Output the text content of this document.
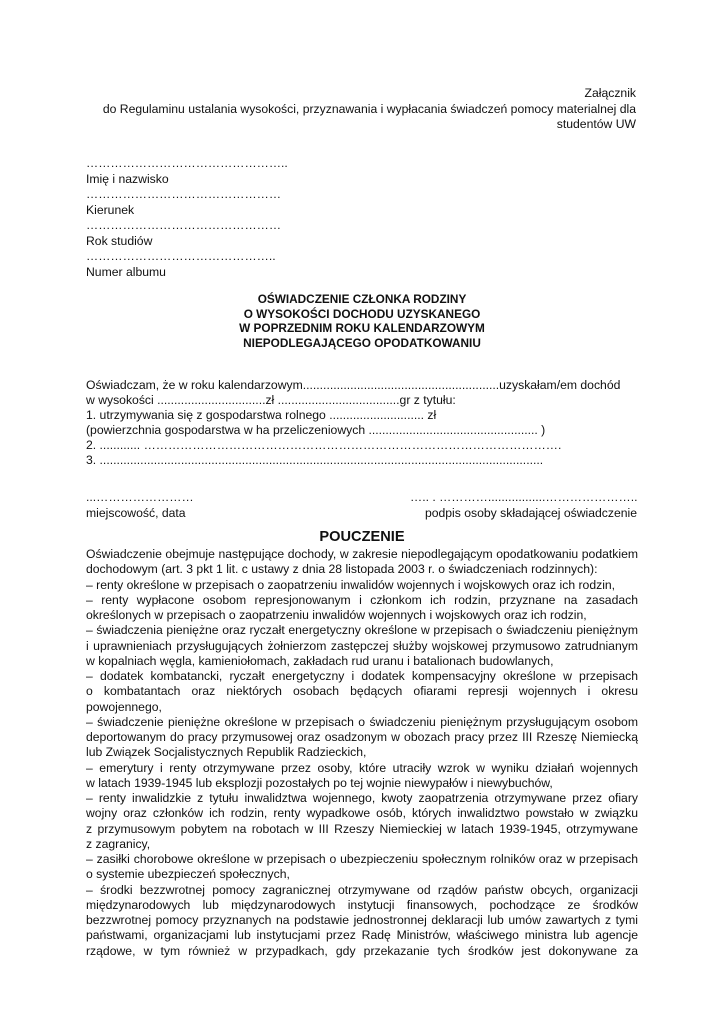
Załącznik
do Regulaminu ustalania wysokości, przyznawania i wypłacania świadczeń pomocy materialnej dla
studentów UW
…………………………………………..
Imię i nazwisko
…………………………………………
Kierunek
…………………………………………
Rok studiów
………………………………………..
Numer albumu
OŚWIADCZENIE CZŁONKA RODZINY
O WYSOKOŚCI DOCHODU UZYSKANEGO
W POPRZEDNIM ROKU KALENDARZOWYM
NIEPODLEGAJĄCEGO OPODATKOWANIU
Oświadczam, że w roku kalendarzowym..........................................................uzyskałam/em dochód
w wysokości ................................zł ....................................gr z tytułu:
1. utrzymywania się z gospodarstwa rolnego ............................ zł
(powierzchnia gospodarstwa w ha przeliczeniowych .................................................. )
2. ............ ………………………………………………………………………………………….
3. ...................................................................................................................................
...……………………
miejscowość, data
….. . ………….................…………………..
podpis osoby składającej oświadczenie
POUCZENIE
Oświadczenie obejmuje następujące dochody, w zakresie niepodlegającym opodatkowaniu podatkiem
dochodowym (art. 3 pkt 1 lit. c ustawy z dnia 28 listopada 2003 r. o świadczeniach rodzinnych):
– renty określone w przepisach o zaopatrzeniu inwalidów wojennych i wojskowych oraz ich rodzin,
– renty wypłacone osobom represjonowanym i członkom ich rodzin, przyznane na zasadach
określonych w przepisach o zaopatrzeniu inwalidów wojennych i wojskowych oraz ich rodzin,
– świadczenia pieniężne oraz ryczałt energetyczny określone w przepisach o świadczeniu pieniężnym
i uprawnieniach przysługujących żołnierzom zastępczej służby wojskowej przymusowo zatrudnianym
w kopalniach węgla, kamieniołomach, zakładach rud uranu i batalionach budowlanych,
– dodatek kombatancki, ryczałt energetyczny i dodatek kompensacyjny określone w przepisach
o kombatantach oraz niektórych osobach będących ofiarami represji wojennych i okresu
powojennego,
– świadczenie pieniężne określone w przepisach o świadczeniu pieniężnym przysługującym osobom
deportowanym do pracy przymusowej oraz osadzonym w obozach pracy przez III Rzeszę Niemiecką
lub Związek Socjalistycznych Republik Radzieckich,
– emerytury i renty otrzymywane przez osoby, które utraciły wzrok w wyniku działań wojennych
w latach 1939-1945 lub eksplozji pozostałych po tej wojnie niewypałów i niewybuchów,
– renty inwalidzkie z tytułu inwalidztwa wojennego, kwoty zaopatrzenia otrzymywane przez ofiary
wojny oraz członków ich rodzin, renty wypadkowe osób, których inwalidztwo powstało w związku
z przymusowym pobytem na robotach w III Rzeszy Niemieckiej w latach 1939-1945, otrzymywane
z zagranicy,
– zasiłki chorobowe określone w przepisach o ubezpieczeniu społecznym rolników oraz w przepisach
o systemie ubezpieczeń społecznych,
– środki bezzwrotnej pomocy zagranicznej otrzymywane od rządów państw obcych, organizacji
międzynarodowych lub międzynarodowych instytucji finansowych, pochodzące ze środków
bezzwrotnej pomocy przyznanych na podstawie jednostronnej deklaracji lub umów zawartych z tymi
państwami, organizacjami lub instytucjami przez Radę Ministrów, właściwego ministra lub agencje
rządowe, w tym również w przypadkach, gdy przekazanie tych środków jest dokonywane za
